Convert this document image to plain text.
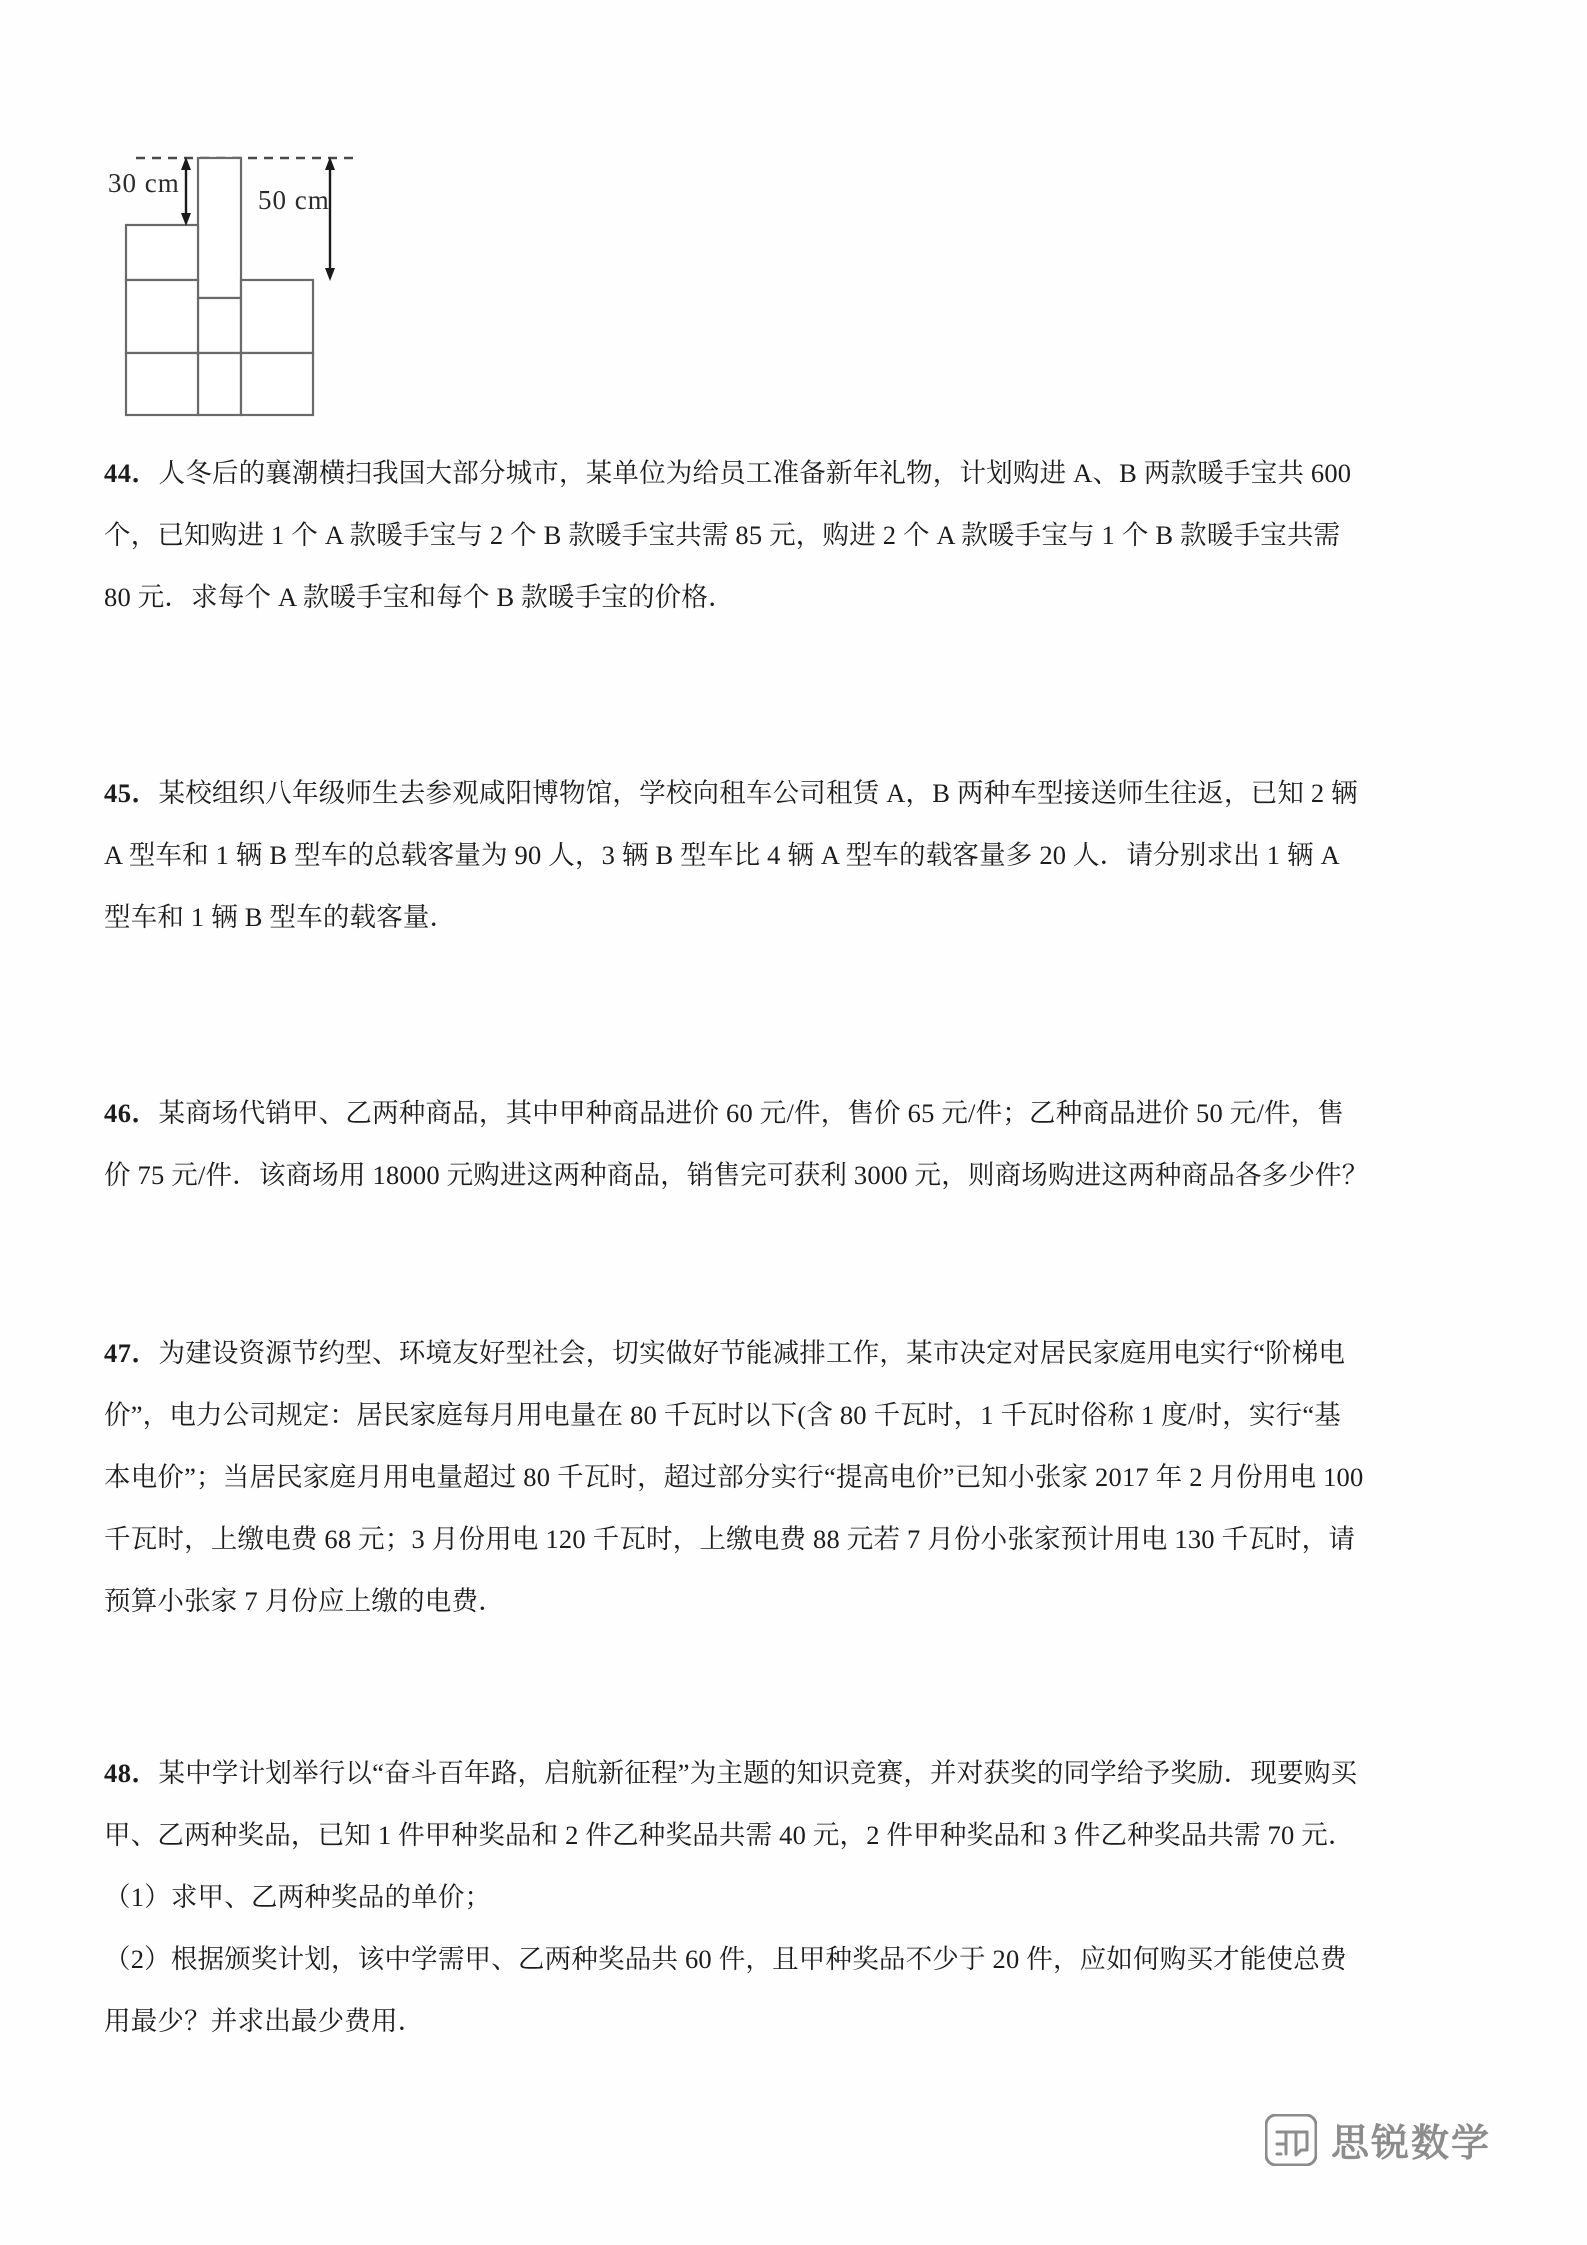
30 cm
50 cm
44．人冬后的襄潮横扫我国大部分城市，某单位为给员工准备新年礼物，计划购进 A、B 两款暖手宝共 600
个，已知购进 1 个 A 款暖手宝与 2 个 B 款暖手宝共需 85 元，购进 2 个 A 款暖手宝与 1 个 B 款暖手宝共需
80 元．求每个 A 款暖手宝和每个 B 款暖手宝的价格．
45．某校组织八年级师生去参观咸阳博物馆，学校向租车公司租赁 A，B 两种车型接送师生往返，已知 2 辆
A 型车和 1 辆 B 型车的总载客量为 90 人，3 辆 B 型车比 4 辆 A 型车的载客量多 20 人．请分别求出 1 辆 A
型车和 1 辆 B 型车的载客量．
46．某商场代销甲、乙两种商品，其中甲种商品进价 60 元/件，售价 65 元/件；乙种商品进价 50 元/件，售
价 75 元/件．该商场用 18000 元购进这两种商品，销售完可获利 3000 元，则商场购进这两种商品各多少件？
47．为建设资源节约型、环境友好型社会，切实做好节能减排工作，某市决定对居民家庭用电实行“阶梯电
价”，电力公司规定：居民家庭每月用电量在 80 千瓦时以下(含 80 千瓦时，1 千瓦时俗称 1 度/时，实行“基
本电价”；当居民家庭月用电量超过 80 千瓦时，超过部分实行“提高电价”已知小张家 2017 年 2 月份用电 100
千瓦时，上缴电费 68 元；3 月份用电 120 千瓦时，上缴电费 88 元若 7 月份小张家预计用电 130 千瓦时，请
预算小张家 7 月份应上缴的电费．
48．某中学计划举行以“奋斗百年路，启航新征程”为主题的知识竞赛，并对获奖的同学给予奖励．现要购买
甲、乙两种奖品，已知 1 件甲种奖品和 2 件乙种奖品共需 40 元，2 件甲种奖品和 3 件乙种奖品共需 70 元．
（1）求甲、乙两种奖品的单价；
（2）根据颁奖计划，该中学需甲、乙两种奖品共 60 件，且甲种奖品不少于 20 件，应如何购买才能使总费
用最少？并求出最少费用．
思锐数学
